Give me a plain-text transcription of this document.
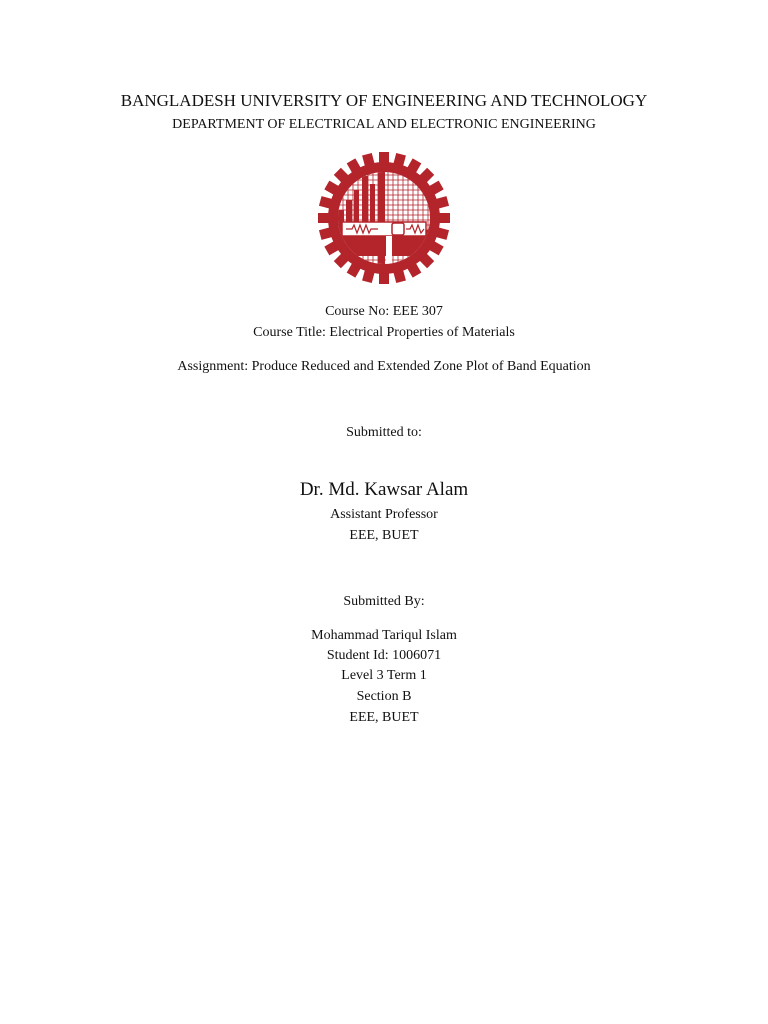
BANGLADESH UNIVERSITY OF ENGINEERING AND TECHNOLOGY
DEPARTMENT OF ELECTRICAL AND ELECTRONIC ENGINEERING
Course No: EEE 307
Course Title: Electrical Properties of Materials
Assignment: Produce Reduced and Extended Zone Plot of Band Equation
Submitted to:
Dr. Md. Kawsar Alam
Assistant Professor
EEE, BUET
Submitted By:
Mohammad Tariqul Islam
Student Id: 1006071
Level 3 Term 1
Section B
EEE, BUET
